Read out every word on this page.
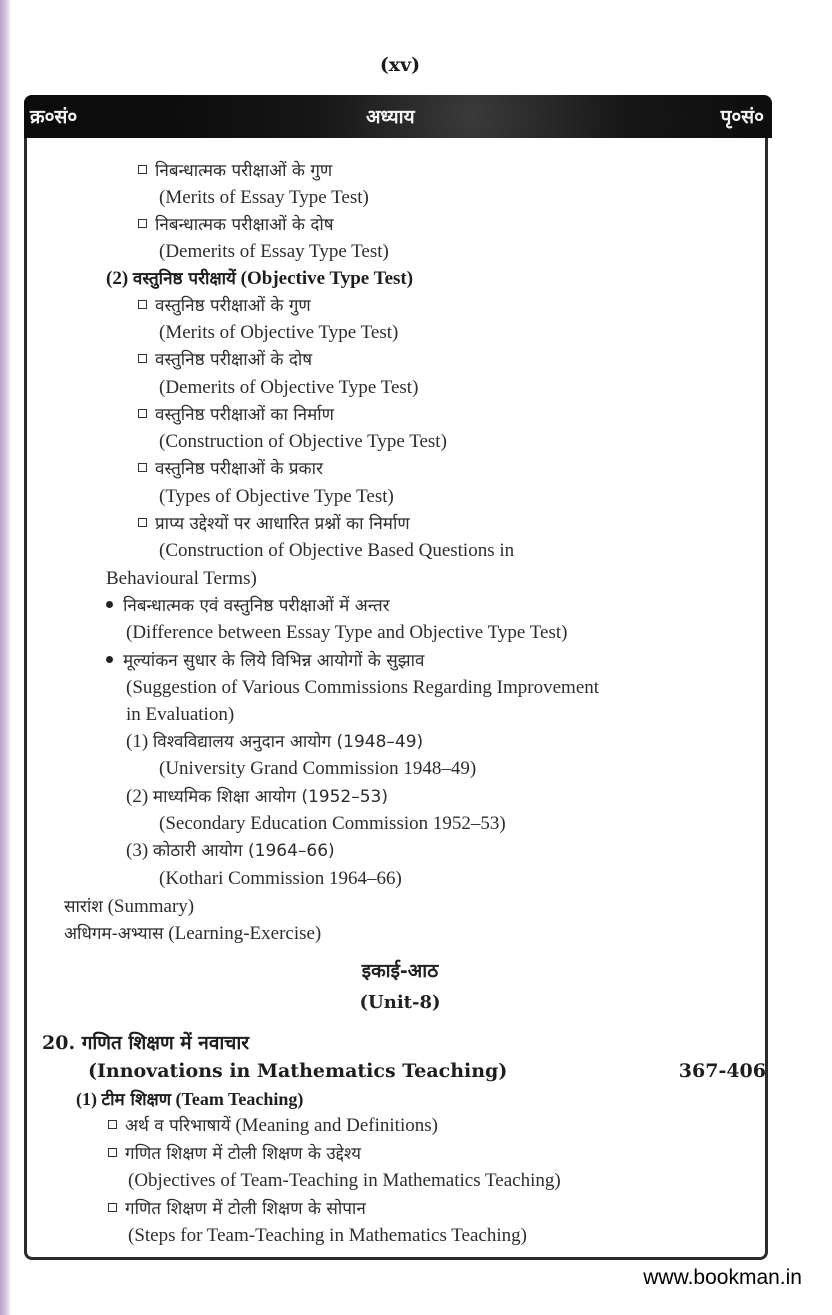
(xv)
क्र०सं०	अध्याय	पृ०सं०
निबन्धात्मक परीक्षाओं के गुण
(Merits of Essay Type Test)
निबन्धात्मक परीक्षाओं के दोष
(Demerits of Essay Type Test)
(2) वस्तुनिष्ठ परीक्षायें (Objective Type Test)
वस्तुनिष्ठ परीक्षाओं के गुण
(Merits of Objective Type Test)
वस्तुनिष्ठ परीक्षाओं के दोष
(Demerits of Objective Type Test)
वस्तुनिष्ठ परीक्षाओं का निर्माण
(Construction of Objective Type Test)
वस्तुनिष्ठ परीक्षाओं के प्रकार
(Types of Objective Type Test)
प्राप्य उद्देश्यों पर आधारित प्रश्नों का निर्माण
(Construction of Objective Based Questions in
Behavioural Terms)
निबन्धात्मक एवं वस्तुनिष्ठ परीक्षाओं में अन्तर
(Difference between Essay Type and Objective Type Test)
मूल्यांकन सुधार के लिये विभिन्न आयोगों के सुझाव
(Suggestion of Various Commissions Regarding Improvement
in Evaluation)
(1) विश्वविद्यालय अनुदान आयोग (1948–49)
(University Grand Commission 1948–49)
(2) माध्यमिक शिक्षा आयोग (1952–53)
(Secondary Education Commission 1952–53)
(3) कोठारी आयोग (1964–66)
(Kothari Commission 1964–66)
सारांश (Summary)
अधिगम-अभ्यास (Learning-Exercise)
इकाई-आठ
(Unit-8)
20. गणित शिक्षण में नवाचार
(Innovations in Mathematics Teaching)	367-406
(1) टीम शिक्षण (Team Teaching)
अर्थ व परिभाषायें (Meaning and Definitions)
गणित शिक्षण में टोली शिक्षण के उद्देश्य
(Objectives of Team-Teaching in Mathematics Teaching)
गणित शिक्षण में टोली शिक्षण के सोपान
(Steps for Team-Teaching in Mathematics Teaching)
www.bookman.in
